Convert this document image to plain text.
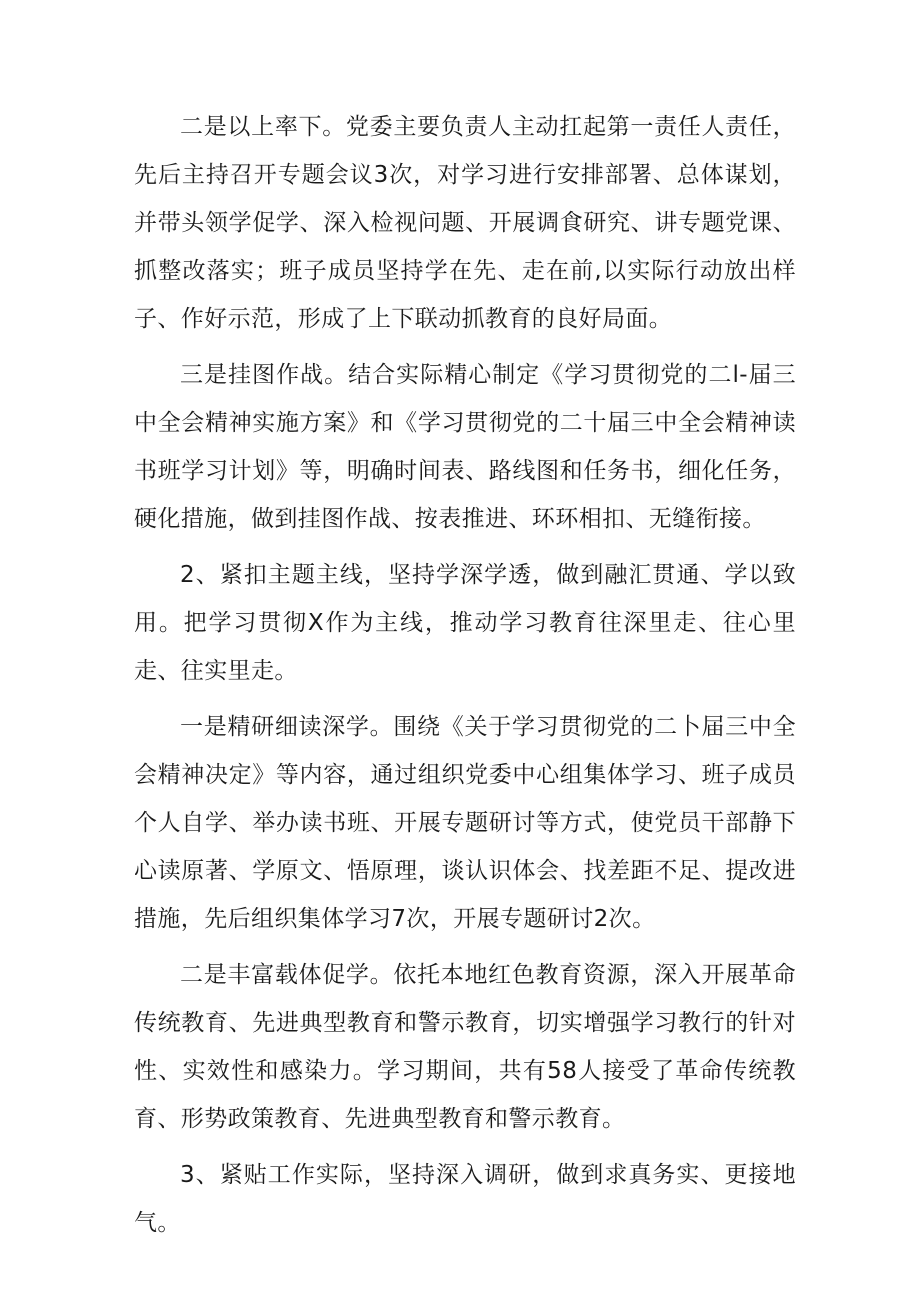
二是以上率下。党委主要负责人主动扛起第一责任人责任，先后主持召开专题会议3次，对学习进行安排部署、总体谋划，并带头领学促学、深入检视问题、开展调食研究、讲专题党课、抓整改落实；班子成员坚持学在先、走在前,以实际行动放出样子、作好示范，形成了上下联动抓教育的良好局面。

三是挂图作战。结合实际精心制定《学习贯彻党的二l-届三中全会精神实施方案》和《学习贯彻党的二十届三中全会精神读书班学习计划》等，明确时间表、路线图和任务书，细化任务，硬化措施，做到挂图作战、按表推进、环环相扣、无缝衔接。

2、紧扣主题主线，坚持学深学透，做到融汇贯通、学以致用。把学习贯彻X作为主线，推动学习教育往深里走、往心里走、往实里走。

一是精研细读深学。围绕《关于学习贯彻党的二卜届三中全会精神决定》等内容，通过组织党委中心组集体学习、班子成员个人自学、举办读书班、开展专题研讨等方式，使党员干部静下心读原著、学原文、悟原理，谈认识体会、找差距不足、提改进措施，先后组织集体学习7次，开展专题研讨2次。

二是丰富载体促学。依托本地红色教育资源，深入开展革命传统教育、先进典型教育和警示教育，切实增强学习教行的针对性、实效性和感染力。学习期间，共有58人接受了革命传统教育、形势政策教育、先进典型教育和警示教育。

3、紧贴工作实际，坚持深入调研，做到求真务实、更接地气。
